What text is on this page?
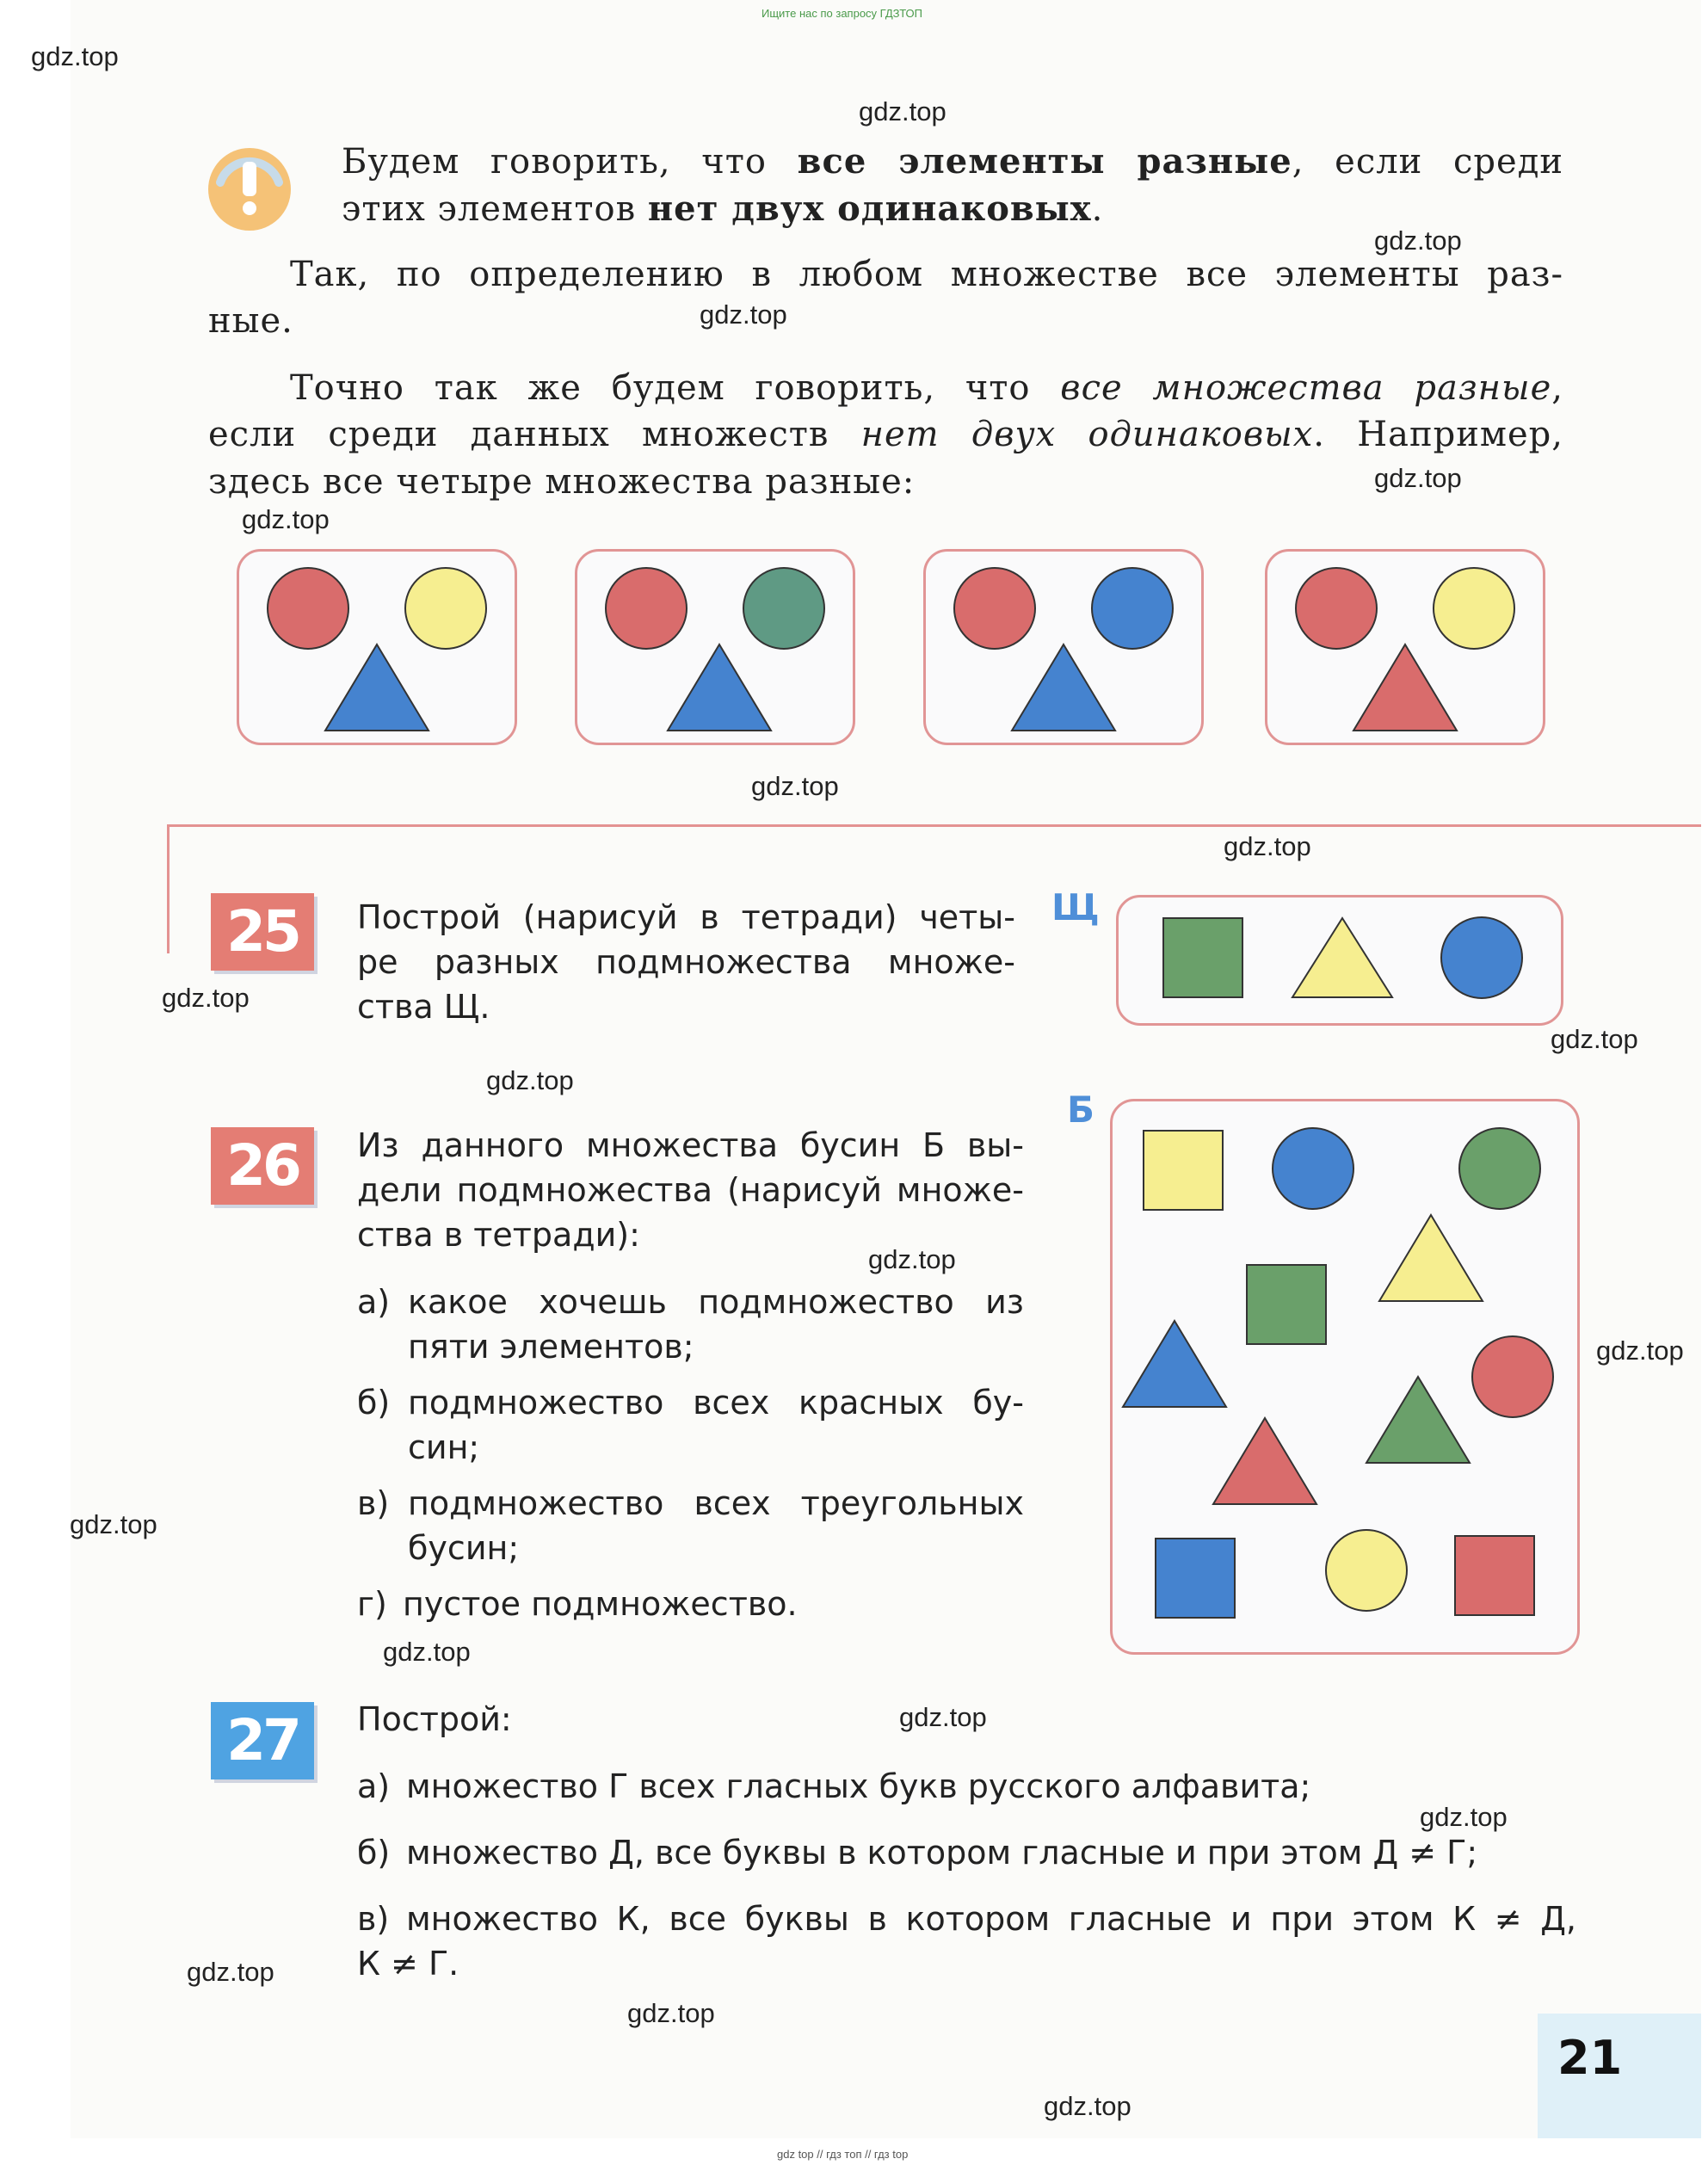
Ищите нас по запросу ГДЗТОП
Будем говорить, что все элементы разные, если среди
этих элементов нет двух одинаковых.
Так, по определению в любом множестве все элементы раз-
ные.
Точно так же будем говорить, что все множества разные,
если среди данных множеств нет двух одинаковых. Например,
здесь все четыре множества разные:
25	Построй (нарисуй в тетради) четы-
ре разных подмножества множе-
ства Щ.
Щ
26	Из данного множества бусин Б вы-
дели подмножества (нарисуй множе-
ства в тетради):
а) какое хочешь подмножество из
пяти элементов;
б) подмножество всех красных бу-
син;
в) подмножество всех треугольных
бусин;
г) пустое подмножество.
Б
27	Построй:
а) множество Г всех гласных букв русского алфавита;
б) множество Д, все буквы в котором гласные и при этом Д ≠ Г;
в) множество К, все буквы в котором гласные и при этом К ≠ Д,
К ≠ Г.
21
gdz top // гдз топ // гдз top
gdz.top
gdz.top
gdz.top
gdz.top
gdz.top
gdz.top
gdz.top
gdz.top
gdz.top
gdz.top
gdz.top
gdz.top
gdz.top
gdz.top
gdz.top
gdz.top
gdz.top
gdz.top
gdz.top
gdz.top
